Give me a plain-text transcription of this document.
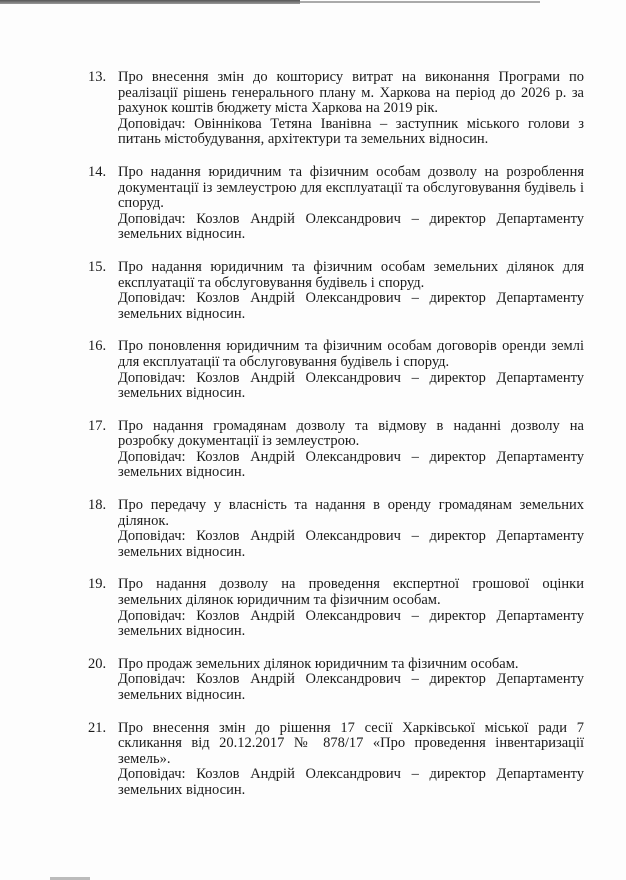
13. Про внесення змін до кошторису витрат на виконання Програми по реалізації рішень генерального плану м. Харкова на період до 2026 р. за рахунок коштів бюджету міста Харкова на 2019 рік.

Доповідач: Овіннікова Тетяна Іванівна – заступник міського голови з питань містобудування, архітектури та земельних відносин.

14. Про надання юридичним та фізичним особам дозволу на розроблення документації із землеустрою для експлуатації та обслуговування будівель і споруд.

Доповідач: Козлов Андрій Олександрович – директор Департаменту земельних відносин.

15. Про надання юридичним та фізичним особам земельних ділянок для експлуатації та обслуговування будівель і споруд.

Доповідач: Козлов Андрій Олександрович – директор Департаменту земельних відносин.

16. Про поновлення юридичним та фізичним особам договорів оренди землі для експлуатації та обслуговування будівель і споруд.

Доповідач: Козлов Андрій Олександрович – директор Департаменту земельних відносин.

17. Про надання громадянам дозволу та відмову в наданні дозволу на розробку документації із землеустрою.

Доповідач: Козлов Андрій Олександрович – директор Департаменту земельних відносин.

18. Про передачу у власність та надання в оренду громадянам земельних ділянок.

Доповідач: Козлов Андрій Олександрович – директор Департаменту земельних відносин.

19. Про надання дозволу на проведення експертної грошової оцінки земельних ділянок юридичним та фізичним особам.

Доповідач: Козлов Андрій Олександрович – директор Департаменту земельних відносин.

20. Про продаж земельних ділянок юридичним та фізичним особам.

Доповідач: Козлов Андрій Олександрович – директор Департаменту земельних відносин.

21. Про внесення змін до рішення 17 сесії Харківської міської ради 7 скликання від 20.12.2017 № 878/17 «Про проведення інвентаризації земель».

Доповідач: Козлов Андрій Олександрович – директор Департаменту земельних відносин.
